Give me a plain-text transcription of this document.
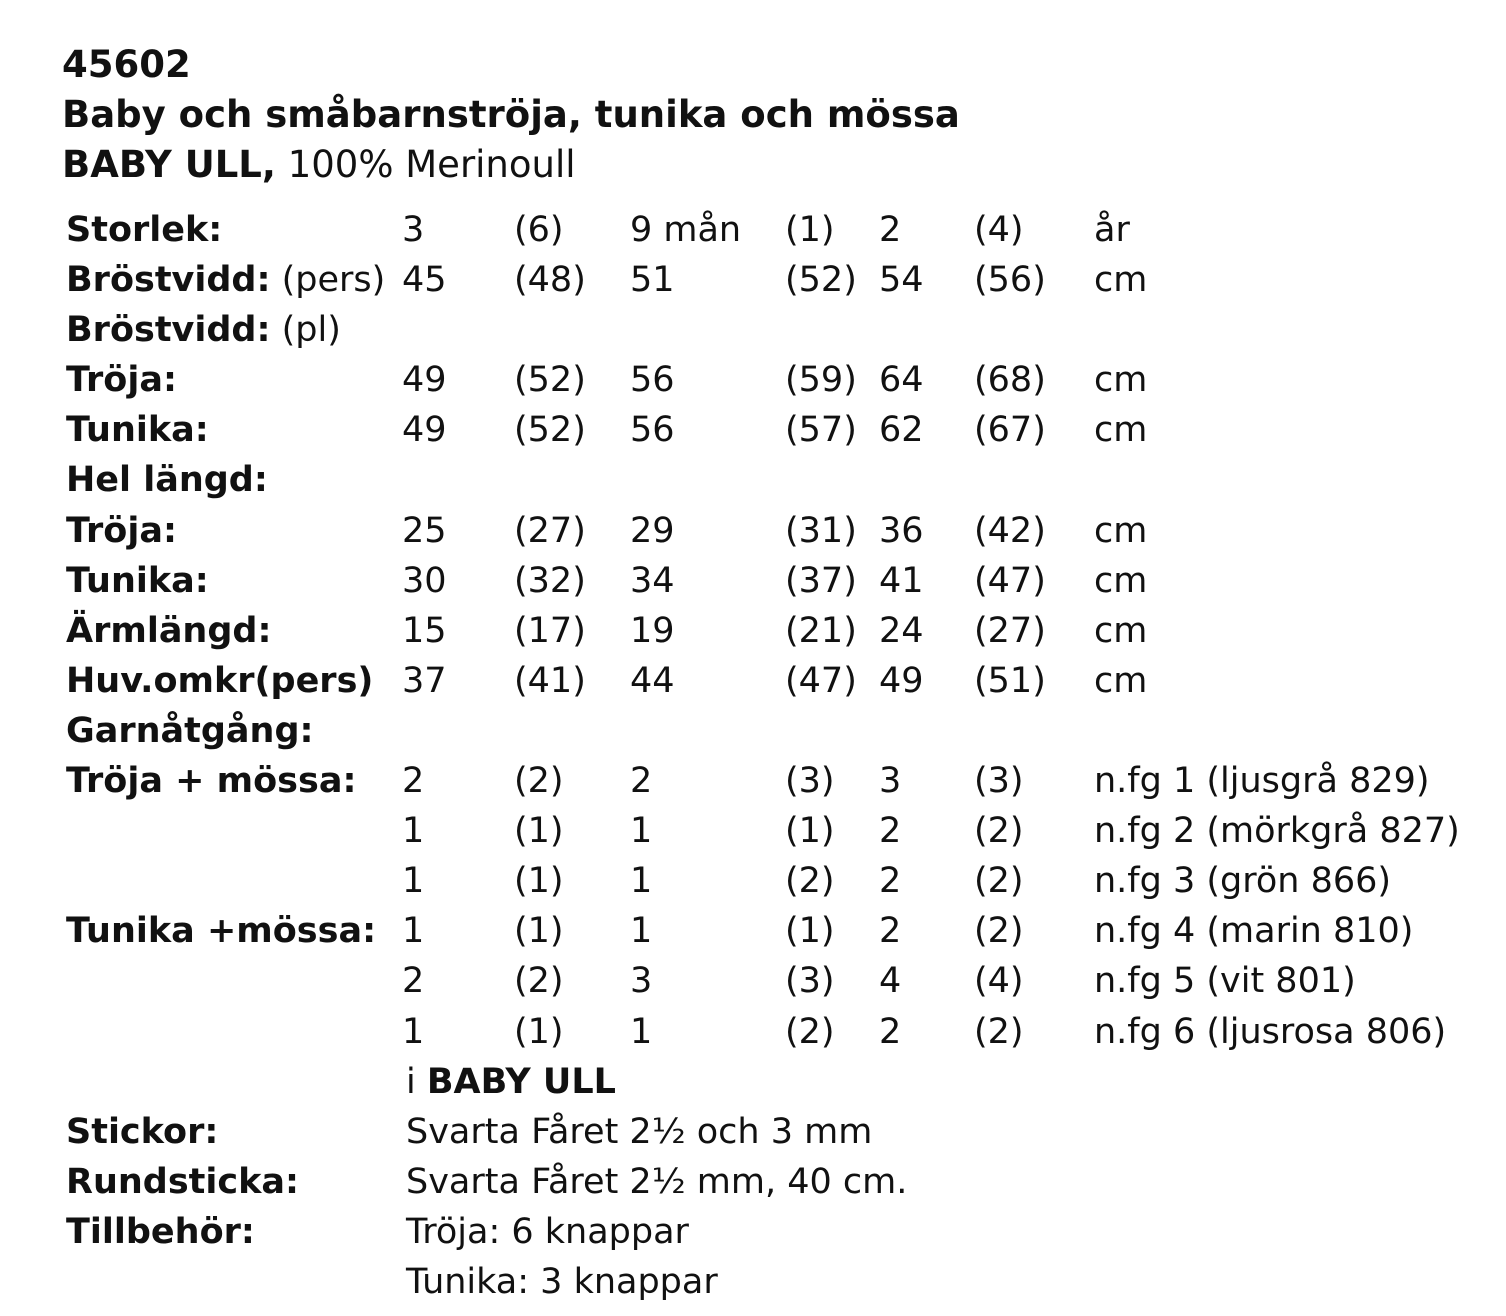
45602
Baby och småbarnströja, tunika och mössa
BABY ULL, 100% Merinoull
Storlek:	3	(6) 9 mån (1) 2 (4) år
Bröstvidd: (pers) 45 (48) 51	(52) 54 (56) cm
Bröstvidd: (pl)
Tröja:	49 (52) 56	(59) 64 (68) cm
Tunika:	49 (52) 56	(57) 62 (67) cm
Hel längd:
Tröja:	25 (27) 29	(31) 36 (42) cm
Tunika:	30 (32) 34	(37) 41 (47) cm
Ärmlängd:	15 (17) 19	(21) 24 (27) cm
Huv.omkr(pers) 37 (41) 44	(47) 49 (51) cm
Garnåtgång:
Tröja + mössa: 2	(2) 2	(3) 3 (3) n.fg 1 (ljusgrå 829)
1	(1) 1	(1) 2 (2) n.fg 2 (mörkgrå 827)
1	(1) 1	(2) 2 (2) n.fg 3 (grön 866)
Tunika +mössa: 1	(1) 1	(1) 2 (2) n.fg 4 (marin 810)
2	(2) 3	(3) 4 (4) n.fg 5 (vit 801)
1	(1) 1	(2) 2 (2) n.fg 6 (ljusrosa 806)
i BABY ULL
Stickor:	Svarta Fåret 2½ och 3 mm
Rundsticka:	Svarta Fåret 2½ mm, 40 cm.
Tillbehör:	Tröja: 6 knappar
Tunika: 3 knappar
